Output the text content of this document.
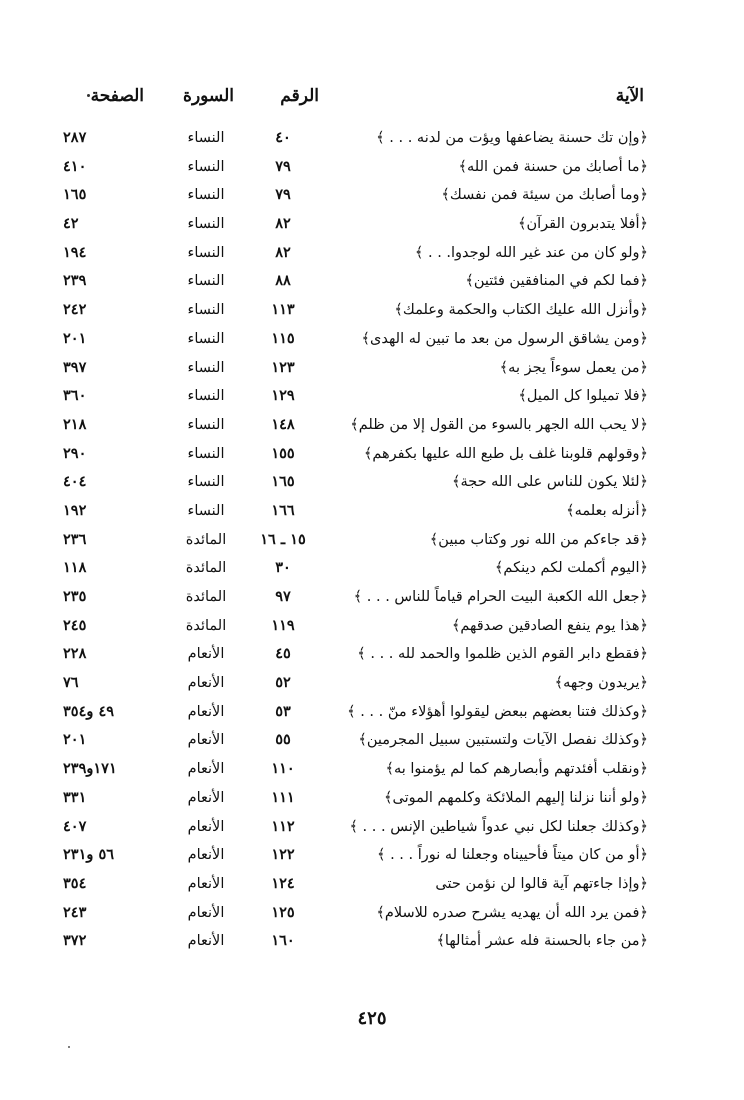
الآية
الرقم
السورة
الصفحة
﴿وإن تك حسنة يضاعفها ويؤت من لدنه . . . ﴾
٤٠
النساء
٢٨٧
﴿ما أصابك من حسنة فمن الله﴾
٧٩
النساء
٤١٠
﴿وما أصابك من سيئة فمن نفسك﴾
٧٩
النساء
١٦٥
﴿أفلا يتدبرون القرآن﴾
٨٢
النساء
٤٢
﴿ولو كان من عند غير الله لوجدوا. . . ﴾
٨٢
النساء
١٩٤
﴿فما لكم في المنافقين فئتين﴾
٨٨
النساء
٢٣٩
﴿وأنزل الله عليك الكتاب والحكمة وعلمك﴾
١١٣
النساء
٢٤٢
﴿ومن يشاقق الرسول من بعد ما تبين له الهدى﴾
١١٥
النساء
٢٠١
﴿من يعمل سوءاً يجز به﴾
١٢٣
النساء
٣٩٧
﴿فلا تميلوا كل الميل﴾
١٢٩
النساء
٣٦٠
﴿لا يحب الله الجهر بالسوء من القول إلا من ظلم﴾
١٤٨
النساء
٢١٨
﴿وقولهم قلوبنا غلف بل طبع الله عليها بكفرهم﴾
١٥٥
النساء
٢٩٠
﴿لئلا يكون للناس على الله حجة﴾
١٦٥
النساء
٤٠٤
﴿أنزله بعلمه﴾
١٦٦
النساء
١٩٢
﴿قد جاءكم من الله نور وكتاب مبين﴾
١٥ ـ ١٦
المائدة
٢٣٦
﴿اليوم أكملت لكم دينكم﴾
٣٠
المائدة
١١٨
﴿جعل الله الكعبة البيت الحرام قياماً للناس . . . ﴾
٩٧
المائدة
٢٣٥
﴿هذا يوم ينفع الصادقين صدقهم﴾
١١٩
المائدة
٢٤٥
﴿فقطع دابر القوم الذين ظلموا والحمد لله . . . ﴾
٤٥
الأنعام
٢٢٨
﴿يريدون وجهه﴾
٥٢
الأنعام
٧٦
﴿وكذلك فتنا بعضهم ببعض ليقولوا أهؤلاء منّ . . . ﴾
٥٣
الأنعام
٤٩ و٣٥٤
﴿وكذلك نفصل الآيات ولتستبين سبيل المجرمين﴾
٥٥
الأنعام
٢٠١
﴿ونقلب أفئدتهم وأبصارهم كما لم يؤمنوا به﴾
١١٠
الأنعام
١٧١و٢٣٩
﴿ولو أننا نزلنا إليهم الملائكة وكلمهم الموتى﴾
١١١
الأنعام
٣٣١
﴿وكذلك جعلنا لكل نبي عدواً شياطين الإنس . . . ﴾
١١٢
الأنعام
٤٠٧
﴿أو من كان ميتاً فأحييناه وجعلنا له نوراً . . . ﴾
١٢٢
الأنعام
٥٦ و٢٣١
﴿وإذا جاءتهم آية قالوا لن نؤمن حتى
١٢٤
الأنعام
٣٥٤
﴿فمن يرد الله أن يهديه يشرح صدره للاسلام﴾
١٢٥
الأنعام
٢٤٣
﴿من جاء بالحسنة فله عشر أمثالها﴾
١٦٠
الأنعام
٣٧٢
٤٢٥
